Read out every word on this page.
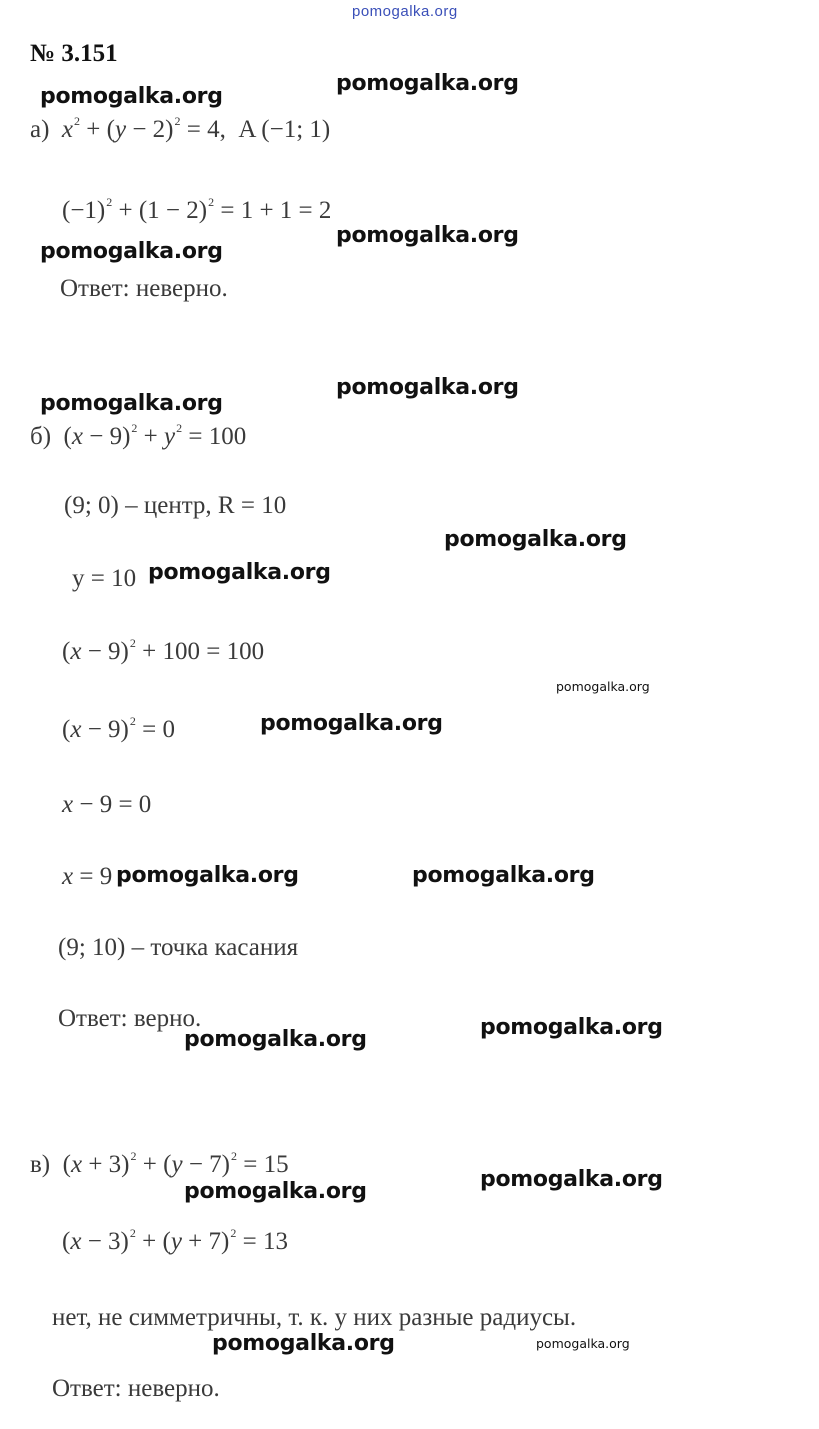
pomogalka.org
№ 3.151
а) $x^2 + (y - 2)^2 = 4$, A (−1; 1)
$(-1)^2 + (1 - 2)^2 = 1 + 1 = 2$
Ответ: неверно.
б) $(x - 9)^2 + y^2 = 100$
(9; 0) – центр, R = 10
y = 10
$(x - 9)^2 + 100 = 100$
$(x - 9)^2 = 0$
x − 9 = 0
x = 9
(9; 10) – точка касания
Ответ: верно.
в) $(x + 3)^2 + (y - 7)^2 = 15$
$(x - 3)^2 + (y + 7)^2 = 13$
нет, не симметричны, т. к. у них разные радиусы.
Ответ: неверно.
pomogalka.org
pomogalka.org
pomogalka.org
pomogalka.org
pomogalka.org
pomogalka.org
pomogalka.org
pomogalka.org
pomogalka.org
pomogalka.org
pomogalka.org	pomogalka.org
pomogalka.org
pomogalka.org
pomogalka.org
pomogalka.org
pomogalka.org	pomogalka.org
